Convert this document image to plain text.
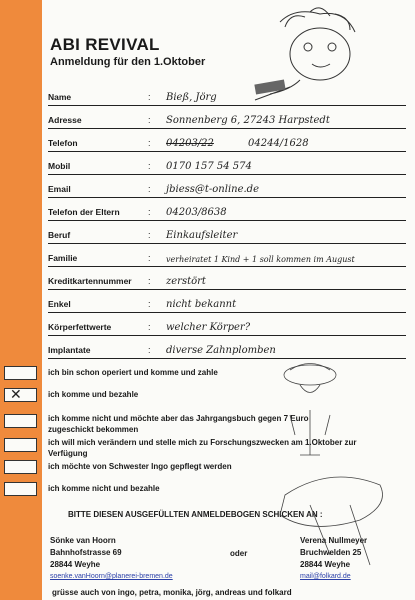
✕
ABI REVIVAL
Anmeldung für den 1.Oktober
Name	: Bieß, Jörg
Adresse	: Sonnenberg 6, 27243 Harpstedt
Telefon	: 04203/22	04244/1628
Mobil	: 0170 157 54 574
Email	: jbiess@t-online.de
Telefon der Eltern	: 04203/8638
Beruf	: Einkaufsleiter
Familie	: verheiratet 1 Kind + 1 soll kommen im August
Kreditkartennummer : zerstört
Enkel	: nicht bekannt
Körperfettwerte	: welcher Körper?
Implantate	: diverse Zahnplomben
ich bin schon operiert und komme und zahle
ich komme und bezahle
ich komme nicht und möchte aber das Jahrgangsbuch gegen 7 Euro zugeschickt bekommen
ich will mich verändern und stelle mich zu Forschungszwecken am 1.Oktober zur Verfügung
ich möchte von Schwester Ingo gepflegt werden
ich komme nicht und bezahle
BITTE DIESEN AUSGEFÜLLTEN ANMELDEBOGEN SCHICKEN AN :
Sönke van Hoorn
Bahnhofstrasse 69
28844 Weyhe
soenke.vanHoorn@planerei-bremen.de
oder
Verena Nullmeyer
Bruchwelden 25
28844 Weyhe
mail@folkard.de
grüsse auch von ingo, petra, monika, jörg, andreas und folkard
